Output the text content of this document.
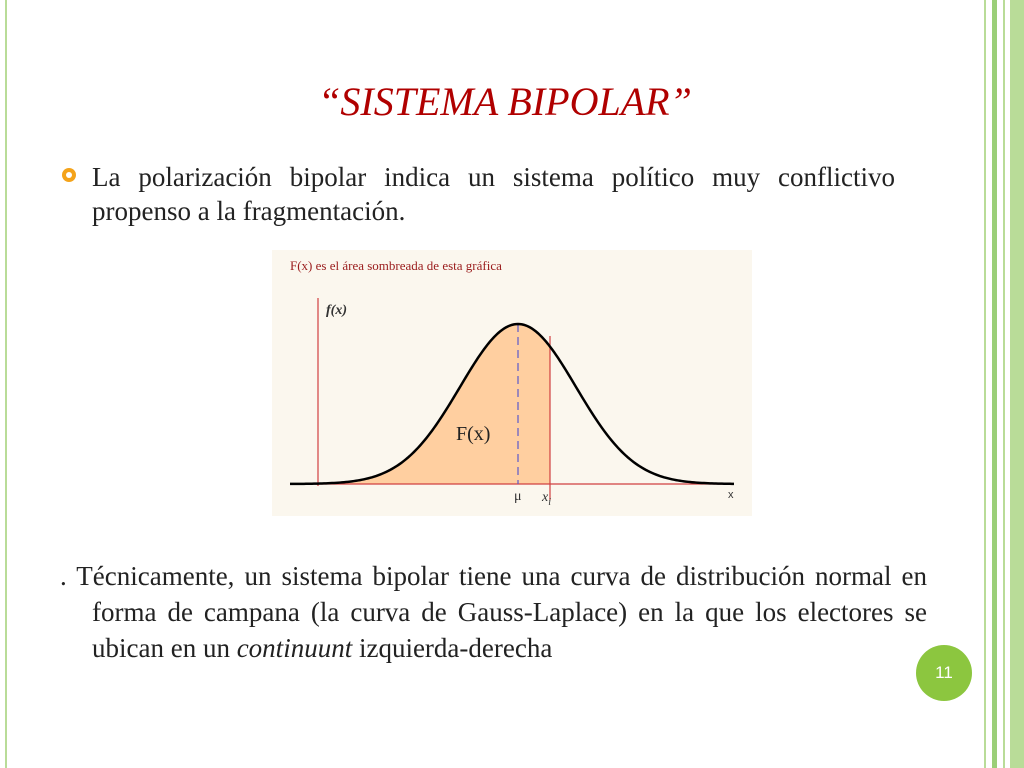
“SISTEMA BIPOLAR”
La polarización bipolar indica un sistema político muy conflictivo propenso a la fragmentación.
F(x) es el área sombreada de esta gráfica
f(x)
F(x)
μ $x_i$
x
. Técnicamente, un sistema bipolar tiene una curva de distribución normal en forma de campana (la curva de Gauss-Laplace) en la que los electores se ubican en un continuunt izquierda-derecha
11
